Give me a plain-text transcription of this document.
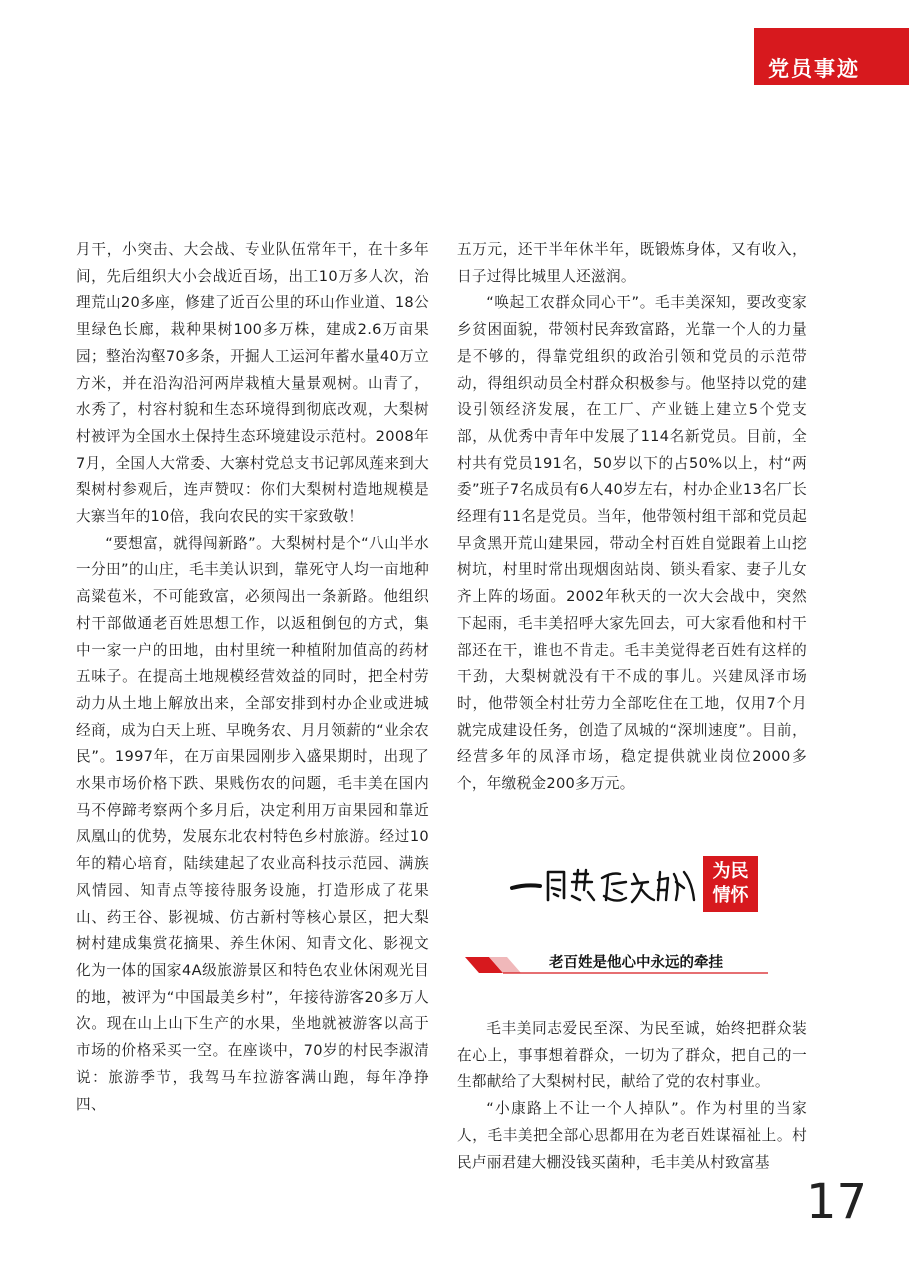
党员事迹

月干，小突击、大会战、专业队伍常年干，在十多年间，先后组织大小会战近百场，出工10万多人次，治理荒山20多座，修建了近百公里的环山作业道、18公里绿色长廊，栽种果树100多万株，建成2.6万亩果园；整治沟壑70多条，开掘人工运河年蓄水量40万立方米，并在沿沟沿河两岸栽植大量景观树。山青了，水秀了，村容村貌和生态环境得到彻底改观，大梨树村被评为全国水土保持生态环境建设示范村。2008年7月，全国人大常委、大寨村党总支书记郭凤莲来到大梨树村参观后，连声赞叹：你们大梨树村造地规模是大寨当年的10倍，我向农民的实干家致敬！

“要想富，就得闯新路”。大梨树村是个“八山半水一分田”的山庄，毛丰美认识到，靠死守人均一亩地种高粱苞米，不可能致富，必须闯出一条新路。他组织村干部做通老百姓思想工作，以返租倒包的方式，集中一家一户的田地，由村里统一种植附加值高的药材五味子。在提高土地规模经营效益的同时，把全村劳动力从土地上解放出来，全部安排到村办企业或进城经商，成为白天上班、早晚务农、月月领薪的“业余农民”。1997年，在万亩果园刚步入盛果期时，出现了水果市场价格下跌、果贱伤农的问题，毛丰美在国内马不停蹄考察两个多月后，决定利用万亩果园和靠近凤凰山的优势，发展东北农村特色乡村旅游。经过10年的精心培育，陆续建起了农业高科技示范园、满族风情园、知青点等接待服务设施，打造形成了花果山、药王谷、影视城、仿古新村等核心景区，把大梨树村建成集赏花摘果、养生休闲、知青文化、影视文化为一体的国家4A级旅游景区和特色农业休闲观光目的地，被评为“中国最美乡村”，年接待游客20多万人次。现在山上山下生产的水果，坐地就被游客以高于市场的价格采买一空。在座谈中，70岁的村民李淑清说：旅游季节，我驾马车拉游客满山跑，每年净挣四、

五万元，还干半年休半年，既锻炼身体，又有收入，日子过得比城里人还滋润。

“唤起工农群众同心干”。毛丰美深知，要改变家乡贫困面貌，带领村民奔致富路，光靠一个人的力量是不够的，得靠党组织的政治引领和党员的示范带动，得组织动员全村群众积极参与。他坚持以党的建设引领经济发展，在工厂、产业链上建立5个党支部，从优秀中青年中发展了114名新党员。目前，全村共有党员191名，50岁以下的占50%以上，村“两委”班子7名成员有6人40岁左右，村办企业13名厂长经理有11名是党员。当年，他带领村组干部和党员起早贪黑开荒山建果园，带动全村百姓自觉跟着上山挖树坑，村里时常出现烟囱站岗、锁头看家、妻子儿女齐上阵的场面。2002年秋天的一次大会战中，突然下起雨，毛丰美招呼大家先回去，可大家看他和村干部还在干，谁也不肯走。毛丰美觉得老百姓有这样的干劲，大梨树就没有干不成的事儿。兴建凤泽市场时，他带领全村壮劳力全部吃住在工地，仅用7个月就完成建设任务，创造了凤城的“深圳速度”。目前，经营多年的凤泽市场，稳定提供就业岗位2000多个，年缴税金200多万元。

为民
情怀
老百姓是他心中永远的牵挂

毛丰美同志爱民至深、为民至诚，始终把群众装在心上，事事想着群众，一切为了群众，把自己的一生都献给了大梨树村民，献给了党的农村事业。

“小康路上不让一个人掉队”。作为村里的当家人，毛丰美把全部心思都用在为老百姓谋福祉上。村民卢丽君建大棚没钱买菌种，毛丰美从村致富基

17
